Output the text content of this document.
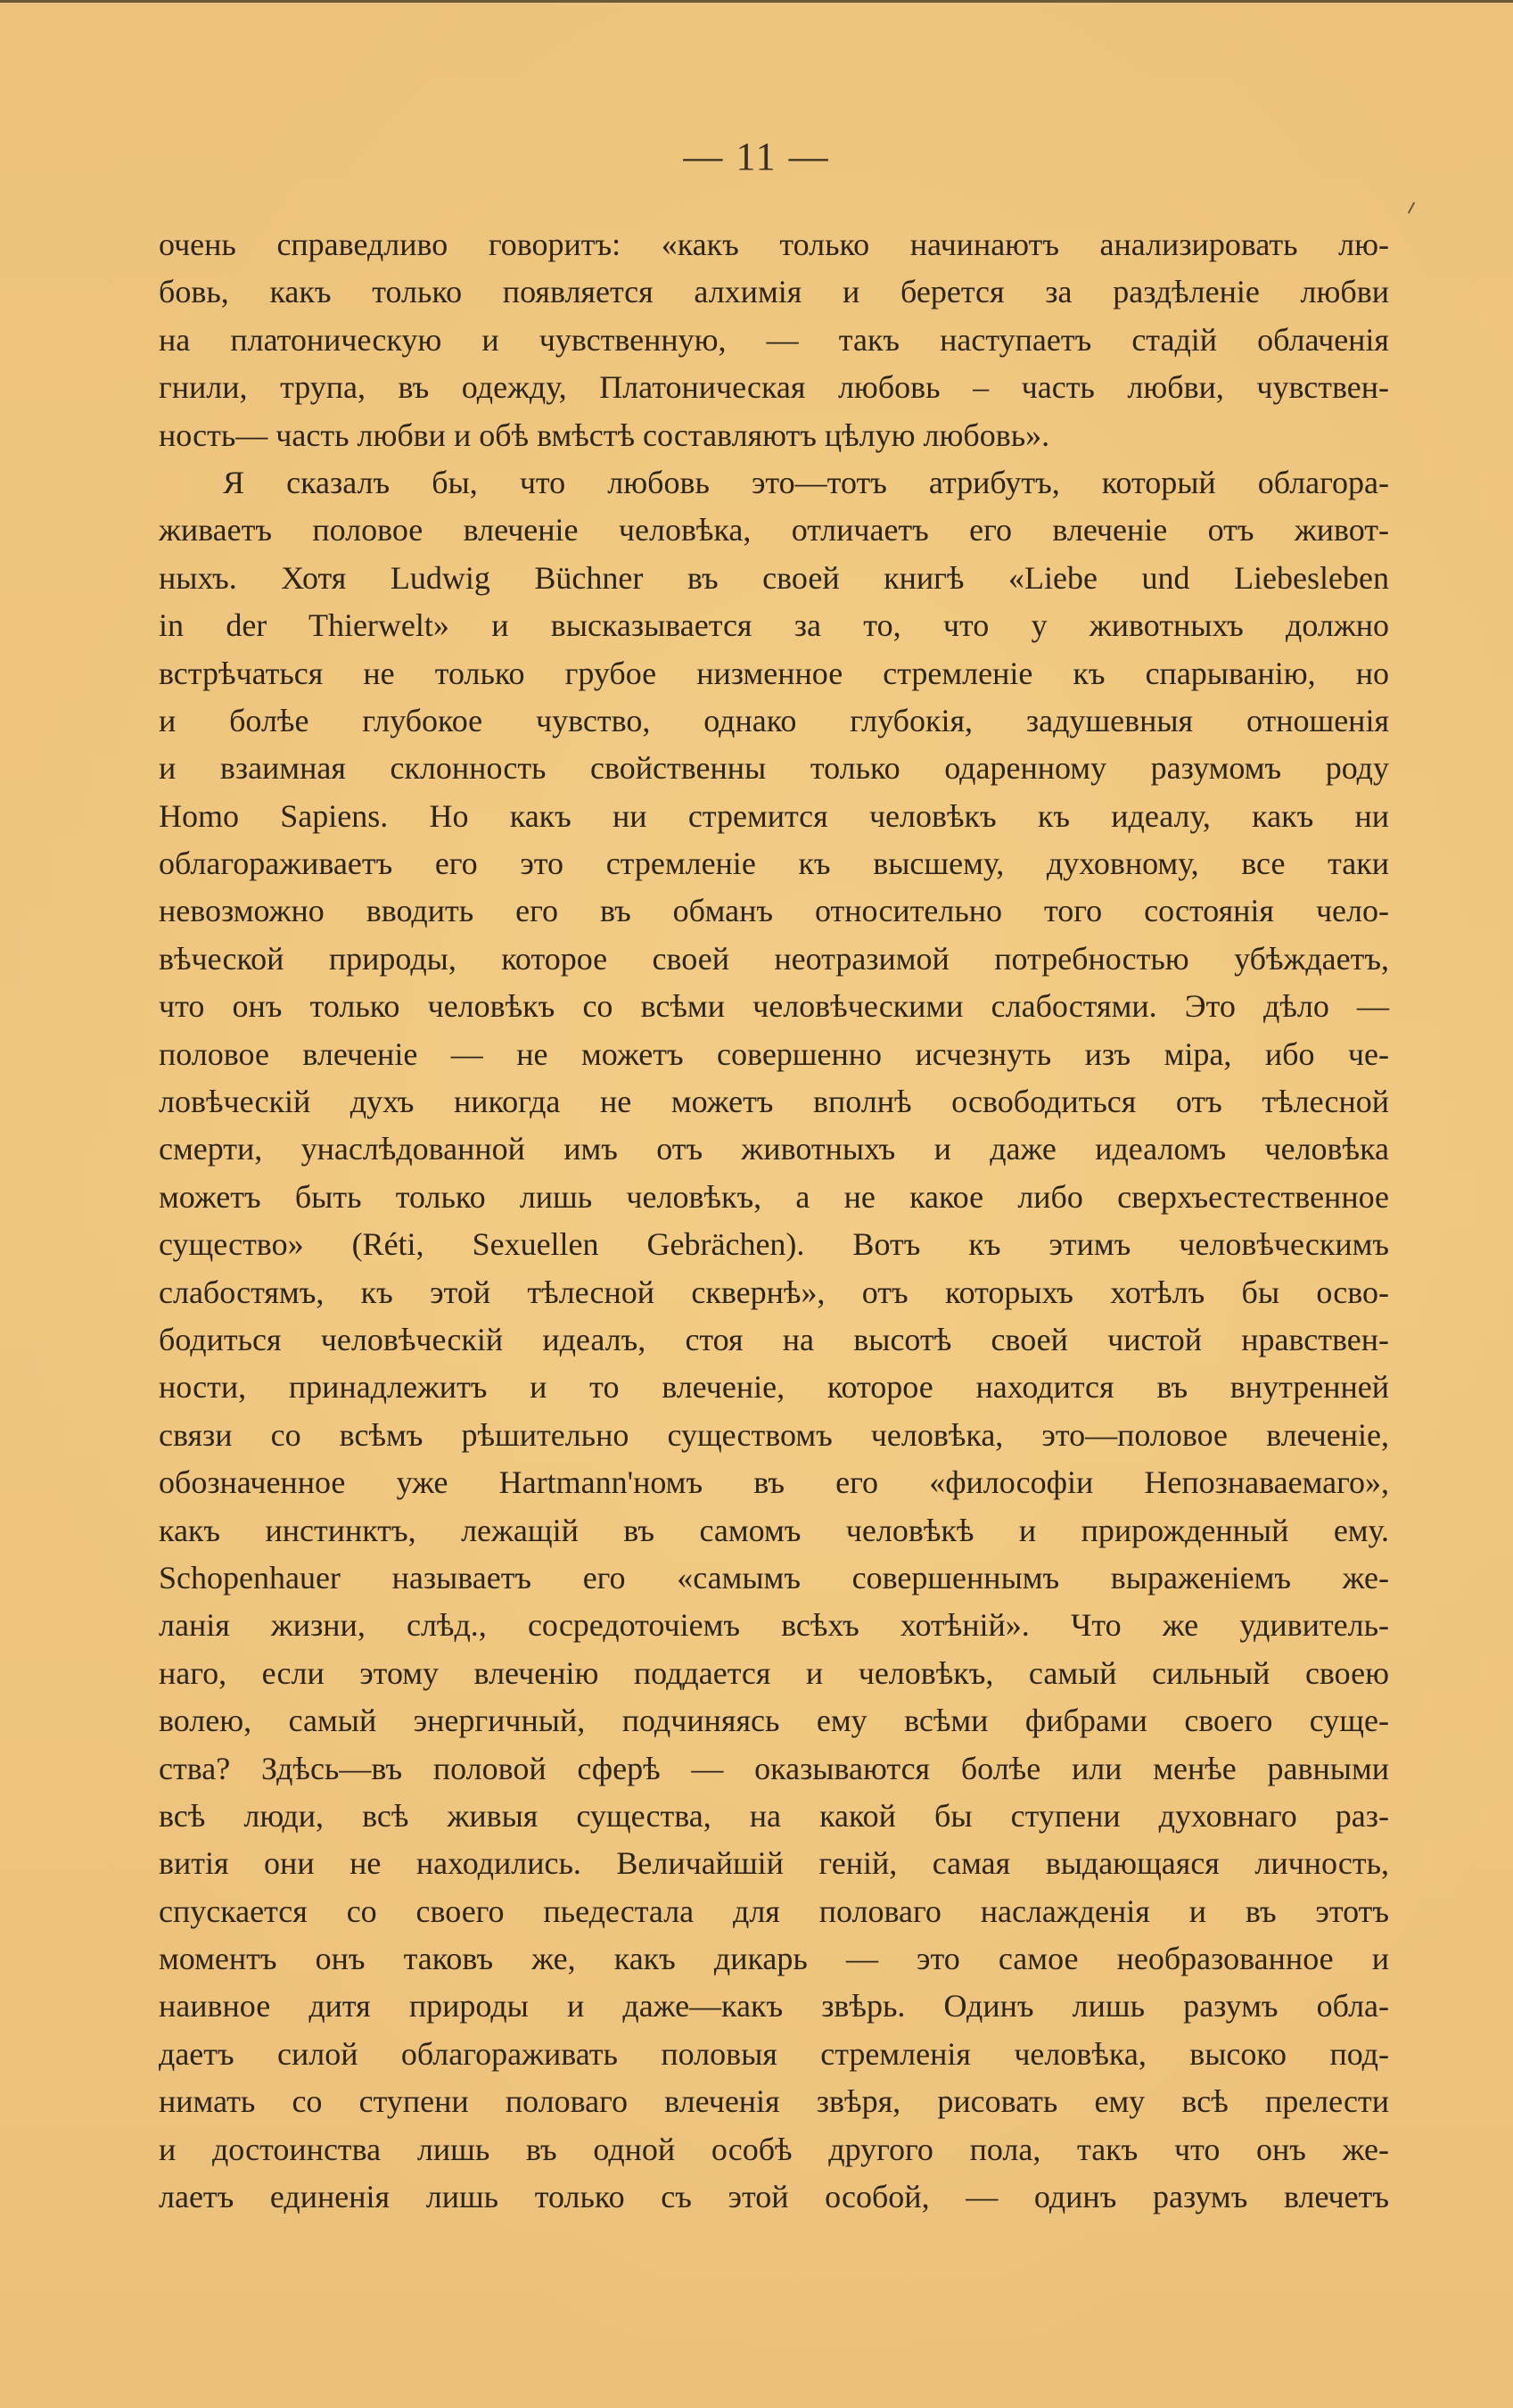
— 11 —
очень справедливо говоритъ: «какъ только начинаютъ анализировать лю-
бовь, какъ только появляется алхимія и берется за раздѣленіе любви
на платоническую и чувственную, — такъ наступаетъ стадій облаченія
гнили, трупа, въ одежду, Платоническая любовь – часть любви, чувствен-
ность— часть любви и обѣ вмѣстѣ составляютъ цѣлую любовь».
Я сказалъ бы, что любовь это—тотъ атрибутъ, который облагора-
живаетъ половое влеченіе человѣка, отличаетъ его влеченіе отъ живот-
ныхъ. Хотя Ludwig Büchner въ своей книгѣ «Liebe und Liebesleben
in der Thierwelt» и высказывается за то, что у животныхъ должно
встрѣчаться не только грубое низменное стремленіе къ спарыванію, но
и болѣе глубокое чувство, однако глубокія, задушевныя отношенія
и взаимная склонность свойственны только одаренному разумомъ роду
Homo Sapiens. Но какъ ни стремится человѣкъ къ идеалу, какъ ни
облагораживаетъ его это стремленіе къ высшему, духовному, все таки
невозможно вводить его въ обманъ относительно того состоянія чело-
вѣческой природы, которое своей неотразимой потребностью убѣждаетъ,
что онъ только человѣкъ со всѣми человѣческими слабостями. Это дѣло —
половое влеченіе — не можетъ совершенно исчезнуть изъ міра, ибо че-
ловѣческій духъ никогда не можетъ вполнѣ освободиться отъ тѣлесной
смерти, унаслѣдованной имъ отъ животныхъ и даже идеаломъ человѣка
можетъ быть только лишь человѣкъ, а не какое либо сверхъестественное
существо» (Réti, Sexuellen Gebrächen). Вотъ къ этимъ человѣческимъ
слабостямъ, къ этой тѣлесной сквернѣ», отъ которыхъ хотѣлъ бы осво-
бодиться человѣческій идеалъ, стоя на высотѣ своей чистой нравствен-
ности, принадлежитъ и то влеченіе, которое находится въ внутренней
связи со всѣмъ рѣшительно существомъ человѣка, это—половое влеченіе,
обозначенное уже Hartmann'номъ въ его «философіи Непознаваемаго»,
какъ инстинктъ, лежащій въ самомъ человѣкѣ и прирожденный ему.
Schopenhauer называетъ его «самымъ совершеннымъ выраженіемъ же-
ланія жизни, слѣд., сосредоточіемъ всѣхъ хотѣній». Что же удивитель-
наго, если этому влеченію поддается и человѣкъ, самый сильный своею
волею, самый энергичный, подчиняясь ему всѣми фибрами своего суще-
ства? Здѣсь—въ половой сферѣ — оказываются болѣе или менѣе равными
всѣ люди, всѣ живыя существа, на какой бы ступени духовнаго раз-
витія они не находились. Величайшій геній, самая выдающаяся личность,
спускается со своего пьедестала для половаго наслажденія и въ этотъ
моментъ онъ таковъ же, какъ дикарь — это самое необразованное и
наивное дитя природы и даже—какъ звѣрь. Одинъ лишь разумъ обла-
даетъ силой облагораживать половыя стремленія человѣка, высоко под-
нимать со ступени половаго влеченія звѣря, рисовать ему всѣ прелести
и достоинства лишь въ одной особѣ другого пола, такъ что онъ же-
лаетъ единенія лишь только съ этой особой, — одинъ разумъ влечетъ
